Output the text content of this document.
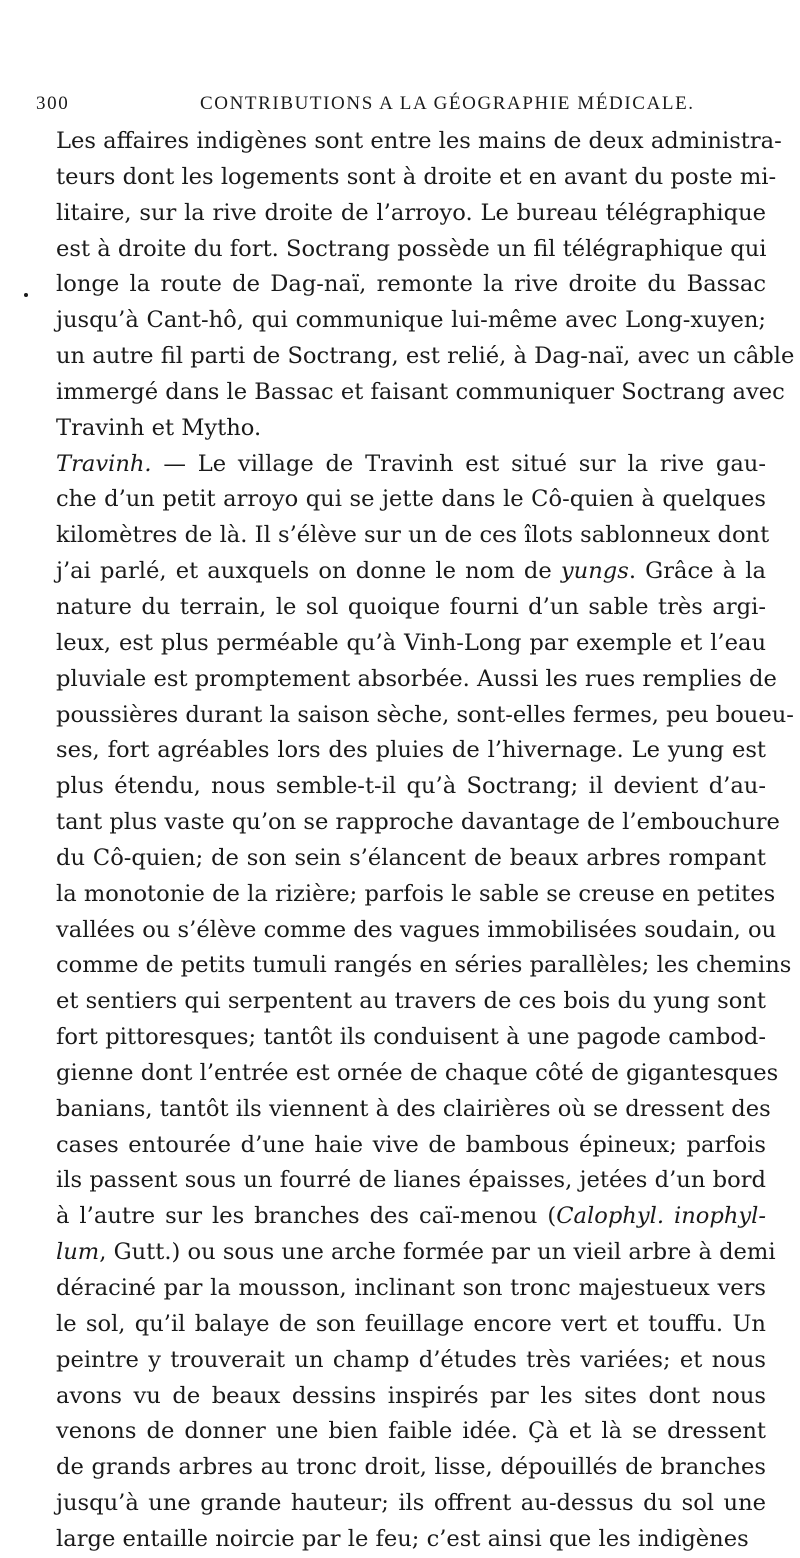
300	CONTRIBUTIONS A LA GÉOGRAPHIE MÉDICALE.
Les affaires indigènes sont entre les mains de deux administra-
teurs dont les logements sont à droite et en avant du poste mi-
litaire, sur la rive droite de l’arroyo. Le bureau télégraphique
est à droite du fort. Soctrang possède un fil télégraphique qui
longe la route de Dag-naï, remonte la rive droite du Bassac
jusqu’à Cant-hô, qui communique lui-même avec Long-xuyen;
un autre fil parti de Soctrang, est relié, à Dag-naï, avec un câble
immergé dans le Bassac et faisant communiquer Soctrang avec
Travinh et Mytho.
Travinh. — Le village de Travinh est situé sur la rive gau-
che d’un petit arroyo qui se jette dans le Cô-quien à quelques
kilomètres de là. Il s’élève sur un de ces îlots sablonneux dont
j’ai parlé, et auxquels on donne le nom de yungs. Grâce à la
nature du terrain, le sol quoique fourni d’un sable très argi-
leux, est plus perméable qu’à Vinh-Long par exemple et l’eau
pluviale est promptement absorbée. Aussi les rues remplies de
poussières durant la saison sèche, sont-elles fermes, peu boueu-
ses, fort agréables lors des pluies de l’hivernage. Le yung est
plus étendu, nous semble-t-il qu’à Soctrang; il devient d’au-
tant plus vaste qu’on se rapproche davantage de l’embouchure
du Cô-quien; de son sein s’élancent de beaux arbres rompant
la monotonie de la rizière; parfois le sable se creuse en petites
vallées ou s’élève comme des vagues immobilisées soudain, ou
comme de petits tumuli rangés en séries parallèles; les chemins
et sentiers qui serpentent au travers de ces bois du yung sont
fort pittoresques; tantôt ils conduisent à une pagode cambod-
gienne dont l’entrée est ornée de chaque côté de gigantesques
banians, tantôt ils viennent à des clairières où se dressent des
cases entourée d’une haie vive de bambous épineux; parfois
ils passent sous un fourré de lianes épaisses, jetées d’un bord
à l’autre sur les branches des caï-menou (Calophyl. inophyl-
lum, Gutt.) ou sous une arche formée par un vieil arbre à demi
déraciné par la mousson, inclinant son tronc majestueux vers
le sol, qu’il balaye de son feuillage encore vert et touffu. Un
peintre y trouverait un champ d’études très variées; et nous
avons vu de beaux dessins inspirés par les sites dont nous
venons de donner une bien faible idée. Çà et là se dressent
de grands arbres au tronc droit, lisse, dépouillés de branches
jusqu’à une grande hauteur; ils offrent au-dessus du sol une
large entaille noircie par le feu; c’est ainsi que les indigènes
